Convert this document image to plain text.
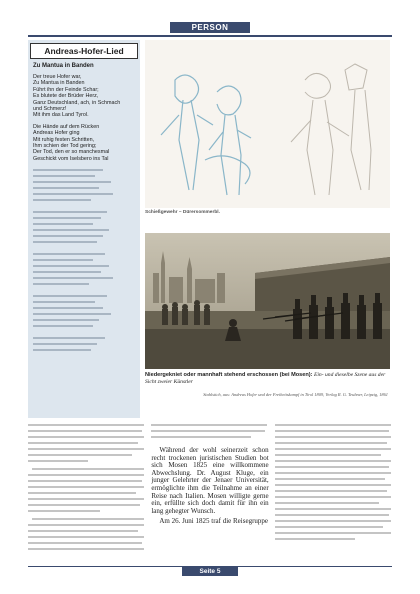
PERSON
Andreas-Hofer-Lied
Zu Mantua in Banden
Der treue Hofer war,
Zu Mantua in Banden
Führt ihn der Feinde Schar;
Es blutete der Brüder Herz,
Ganz Deutschland, ach, in Schmach
und Schmerz!
Mit ihm das Land Tyrol.
Die Hände auf dem Rücken
Andreas Hofer ging
Mit ruhig festen Schritten,
Ihm schien der Tod gering;
Der Tod, den er so manchesmal
Geschickt vom Iselsbero ins Tal
Schießgewehr – Dürersommerbl.
Niedergekniet oder mannhaft stehend erschossen (bei Mosen): Ein- und dieselbe Szene aus der Sicht zweier Künstler
Stahlstich, aus: Andreas Hofer und der Freiheitskampf in Tirol 1809, Verlag R. G. Teubner, Leipzig, 1861
Während der wohl seinerzeit schon recht trockenen juristischen Studien bot sich Mosen 1825 eine willkommene Abwechslung. Dr. August Kluge, ein junger Gelehrter der Jenaer Universität, ermöglichte ihm die Teilnahme an einer Reise nach Italien. Mosen willigte gerne ein, erfüllte sich doch damit für ihn ein lang gehegter Wunsch.
Am 26. Juni 1825 traf die Reisegruppe
Seite 5
